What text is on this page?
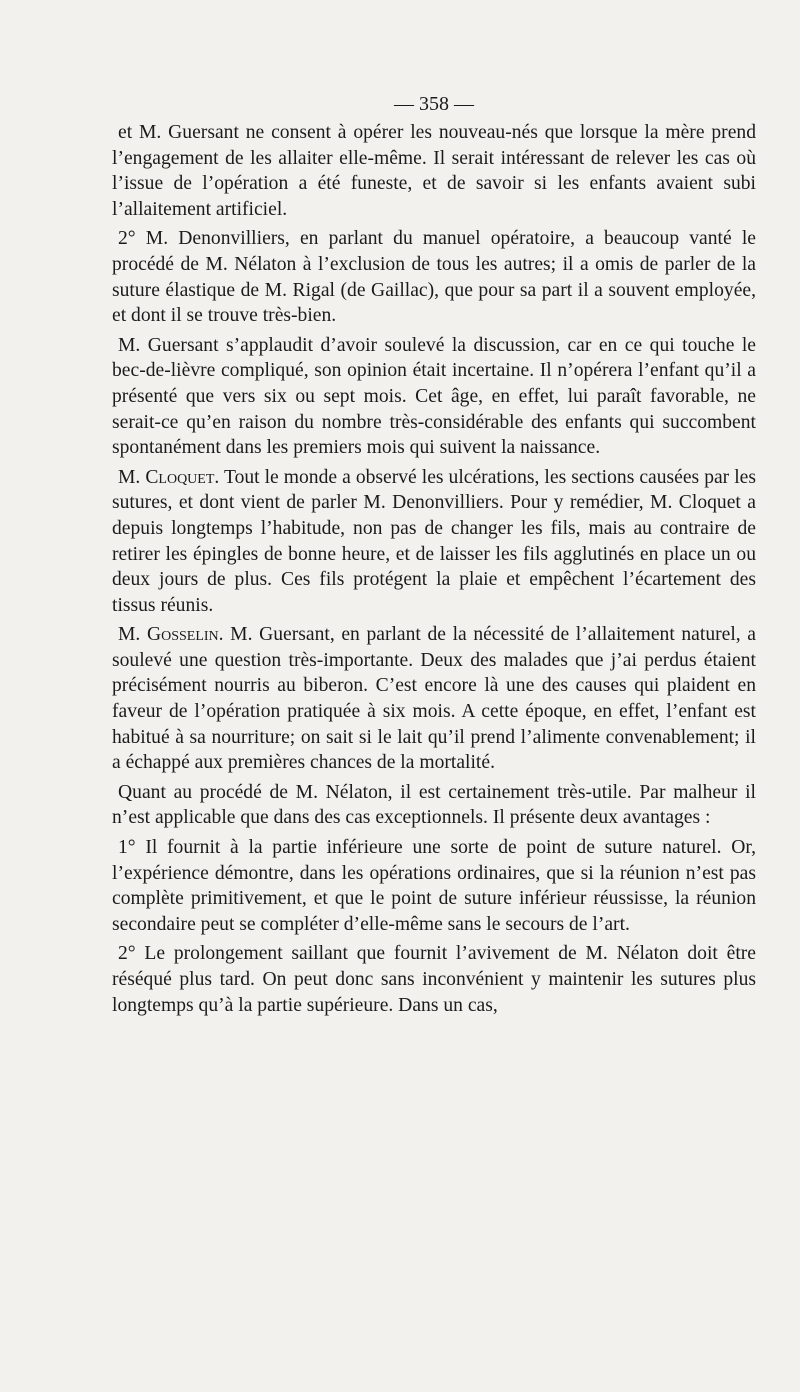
— 358 —

et M. Guersant ne consent à opérer les nouveau-nés que lorsque la mère prend l’engagement de les allaiter elle-même. Il serait intéressant de relever les cas où l’issue de l’opération a été funeste, et de savoir si les enfants avaient subi l’allaitement artificiel.

2° M. Denonvilliers, en parlant du manuel opératoire, a beaucoup vanté le procédé de M. Nélaton à l’exclusion de tous les autres; il a omis de parler de la suture élastique de M. Rigal (de Gaillac), que pour sa part il a souvent employée, et dont il se trouve très-bien.

M. Guersant s’applaudit d’avoir soulevé la discussion, car en ce qui touche le bec-de-lièvre compliqué, son opinion était incertaine. Il n’opérera l’enfant qu’il a présenté que vers six ou sept mois. Cet âge, en effet, lui paraît favorable, ne serait-ce qu’en raison du nombre très-considérable des enfants qui succombent spontanément dans les premiers mois qui suivent la naissance.

M. Cloquet. Tout le monde a observé les ulcérations, les sections causées par les sutures, et dont vient de parler M. Denonvilliers. Pour y remédier, M. Cloquet a depuis longtemps l’habitude, non pas de changer les fils, mais au contraire de retirer les épingles de bonne heure, et de laisser les fils agglutinés en place un ou deux jours de plus. Ces fils protégent la plaie et empêchent l’écartement des tissus réunis.

M. Gosselin. M. Guersant, en parlant de la nécessité de l’allaitement naturel, a soulevé une question très-importante. Deux des malades que j’ai perdus étaient précisément nourris au biberon. C’est encore là une des causes qui plaident en faveur de l’opération pratiquée à six mois. A cette époque, en effet, l’enfant est habitué à sa nourriture; on sait si le lait qu’il prend l’alimente convenablement; il a échappé aux premières chances de la mortalité.

Quant au procédé de M. Nélaton, il est certainement très-utile. Par malheur il n’est applicable que dans des cas exceptionnels. Il présente deux avantages :

1° Il fournit à la partie inférieure une sorte de point de suture naturel. Or, l’expérience démontre, dans les opérations ordinaires, que si la réunion n’est pas complète primitivement, et que le point de suture inférieur réussisse, la réunion secondaire peut se compléter d’elle-même sans le secours de l’art.

2° Le prolongement saillant que fournit l’avivement de M. Nélaton doit être réséqué plus tard. On peut donc sans inconvénient y maintenir les sutures plus longtemps qu’à la partie supérieure. Dans un cas,
